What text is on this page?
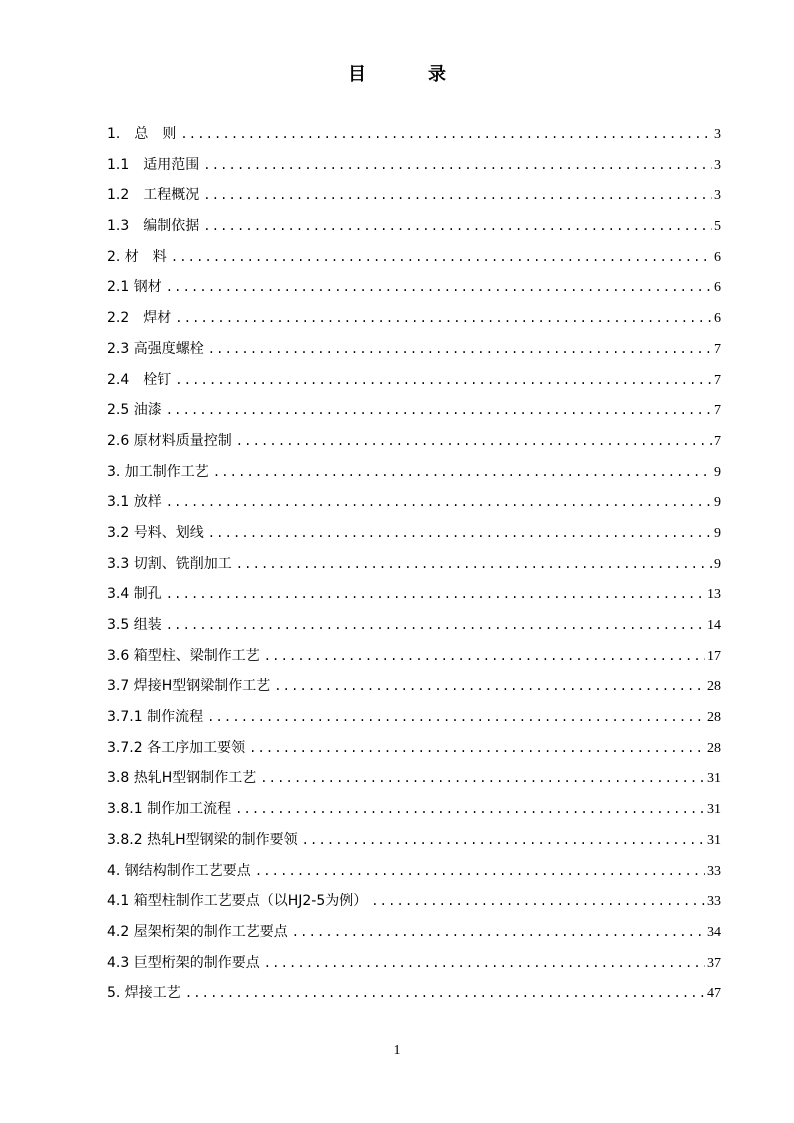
目　录
1.　总　则 .....	3
1.1　适用范围 .....	3
1.2　工程概况 .....	3
1.3　编制依据 .....	5
2. 材　料 .....	6
2.1 钢材 .....	6
2.2　焊材 .....	6
2.3 高强度螺栓 .....	7
2.4　栓钉 .....	7
2.5 油漆 .....	7
2.6 原材料质量控制 .....	7
3. 加工制作工艺 .....	9
3.1 放样 .....	9
3.2 号料、划线 .....	9
3.3 切割、铣削加工 .....	9
3.4 制孔 .....	13
3.5 组装 .....	14
3.6 箱型柱、梁制作工艺 .....	17
3.7 焊接H型钢梁制作工艺 .....	28
3.7.1 制作流程 .....	28
3.7.2 各工序加工要领 .....	28
3.8 热轧H型钢制作工艺 .....	31
3.8.1 制作加工流程 .....	31
3.8.2 热轧H型钢梁的制作要领 .....	31
4. 钢结构制作工艺要点 .....	33
4.1 箱型柱制作工艺要点（以HJ2-5为例） .....	33
4.2 屋架桁架的制作工艺要点 .....	34
4.3 巨型桁架的制作要点 .....	37
5. 焊接工艺 .....	47
1
